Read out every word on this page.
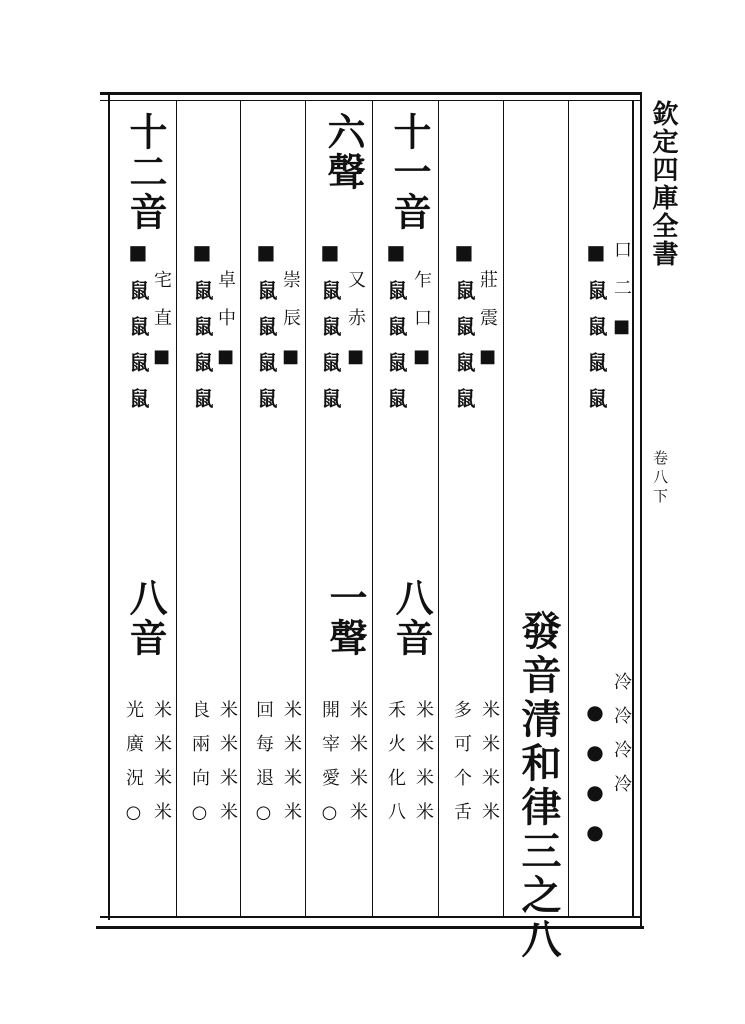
欽定四庫全書
卷八下
發音清和律三之八
十二音
■鼠鼠鼠鼠 宅直■
八音
米米米米
光廣況○
■鼠鼠鼠鼠 卓中■
米米米米
良兩向○
■鼠鼠鼠鼠 崇辰■
米米米米
回每退○
六聲
■鼠鼠鼠鼠 又赤■
一聲
米米米米
開宰愛○
十一音
■鼠鼠鼠鼠 乍口■
八音
米米米米
禾火化八
■鼠鼠鼠鼠 莊震■
米米米米
多可个舌
■鼠鼠鼠鼠 口二■
●●●● 冷冷冷冷
